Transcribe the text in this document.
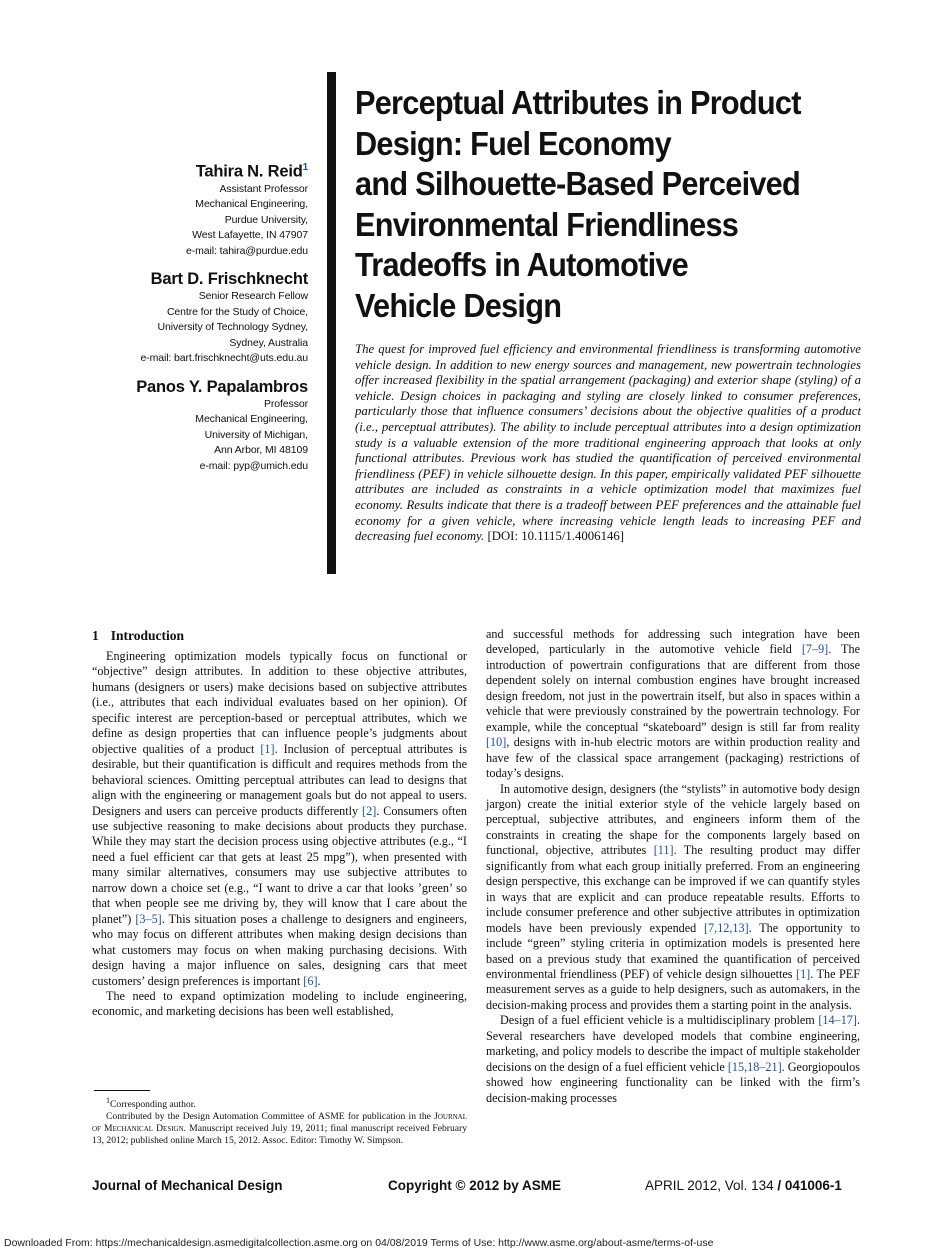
Tahira N. Reid$^1$
Assistant Professor
Mechanical Engineering,
Purdue University,
West Lafayette, IN 47907
e-mail: tahira@purdue.edu
Bart D. Frischknecht
Senior Research Fellow
Centre for the Study of Choice,
University of Technology Sydney,
Sydney, Australia
e-mail: bart.frischknecht@uts.edu.au
Panos Y. Papalambros
Professor
Mechanical Engineering,
University of Michigan,
Ann Arbor, MI 48109
e-mail: pyp@umich.edu
Perceptual Attributes in Product
Design: Fuel Economy
and Silhouette-Based Perceived
Environmental Friendliness
Tradeoffs in Automotive
Vehicle Design
The quest for improved fuel efficiency and environmental friendliness is transforming automotive vehicle design. In addition to new energy sources and management, new powertrain technologies offer increased flexibility in the spatial arrangement (packaging) and exterior shape (styling) of a vehicle. Design choices in packaging and styling are closely linked to consumer preferences, particularly those that influence consumers’ decisions about the objective qualities of a product (i.e., perceptual attributes). The ability to include perceptual attributes into a design optimization study is a valuable extension of the more traditional engineering approach that looks at only functional attributes. Previous work has studied the quantification of perceived environmental friendliness (PEF) in vehicle silhouette design. In this paper, empirically validated PEF silhouette attributes are included as constraints in a vehicle optimization model that maximizes fuel economy. Results indicate that there is a tradeoff between PEF preferences and the attainable fuel economy for a given vehicle, where increasing vehicle length leads to increasing PEF and decreasing fuel economy. [DOI: 10.1115/1.4006146]
1 Introduction

Engineering optimization models typically focus on functional or “objective” design attributes. In addition to these objective attributes, humans (designers or users) make decisions based on subjective attributes (i.e., attributes that each individual evaluates based on her opinion). Of specific interest are perception-based or perceptual attributes, which we define as design properties that can influence people’s judgments about objective qualities of a product [1]. Inclusion of perceptual attributes is desirable, but their quantification is difficult and requires methods from the behavioral sciences. Omitting perceptual attributes can lead to designs that align with the engineering or management goals but do not appeal to users. Designers and users can perceive products differently [2]. Consumers often use subjective reasoning to make decisions about products they purchase. While they may start the decision process using objective attributes (e.g., “I need a fuel efficient car that gets at least 25 mpg”), when presented with many similar alternatives, consumers may use subjective attributes to narrow down a choice set (e.g., “I want to drive a car that looks ’green’ so that when people see me driving by, they will know that I care about the planet”) [3–5]. This situation poses a challenge to designers and engineers, who may focus on different attributes when making design decisions than what customers may focus on when making purchasing decisions. With design having a major influence on sales, designing cars that meet customers’ design preferences is important [6].

The need to expand optimization modeling to include engineering, economic, and marketing decisions has been well established,

$^1$Corresponding author.

Contributed by the Design Automation Committee of ASME for publication in the Journal of Mechanical Design. Manuscript received July 19, 2011; final manuscript received February 13, 2012; published online March 15, 2012. Assoc. Editor: Timothy W. Simpson.

and successful methods for addressing such integration have been developed, particularly in the automotive vehicle field [7–9]. The introduction of powertrain configurations that are different from those dependent solely on internal combustion engines have brought increased design freedom, not just in the powertrain itself, but also in spaces within a vehicle that were previously constrained by the powertrain technology. For example, while the conceptual “skateboard” design is still far from reality [10], designs with in-hub electric motors are within production reality and have few of the classical space arrangement (packaging) restrictions of today’s designs.

In automotive design, designers (the “stylists” in automotive body design jargon) create the initial exterior style of the vehicle largely based on perceptual, subjective attributes, and engineers inform them of the constraints in creating the shape for the components largely based on functional, objective, attributes [11]. The resulting product may differ significantly from what each group initially preferred. From an engineering design perspective, this exchange can be improved if we can quantify styles in ways that are explicit and can produce repeatable results. Efforts to include consumer preference and other subjective attributes in optimization models have been previously expended [7,12,13]. The opportunity to include “green” styling criteria in optimization models is presented here based on a previous study that examined the quantification of perceived environmental friendliness (PEF) of vehicle design silhouettes [1]. The PEF measurement serves as a guide to help designers, such as automakers, in the decision-making process and provides them a starting point in the analysis.

Design of a fuel efficient vehicle is a multidisciplinary problem [14–17]. Several researchers have developed models that combine engineering, marketing, and policy models to describe the impact of multiple stakeholder decisions on the design of a fuel efficient vehicle [15,18–21]. Georgiopoulos showed how engineering functionality can be linked with the firm’s decision-making processes

Journal of Mechanical Design	Copyright © 2012 by ASME	APRIL 2012, Vol. 134 / 041006-1
Downloaded From: https://mechanicaldesign.asmedigitalcollection.asme.org on 04/08/2019 Terms of Use: http://www.asme.org/about-asme/terms-of-use
